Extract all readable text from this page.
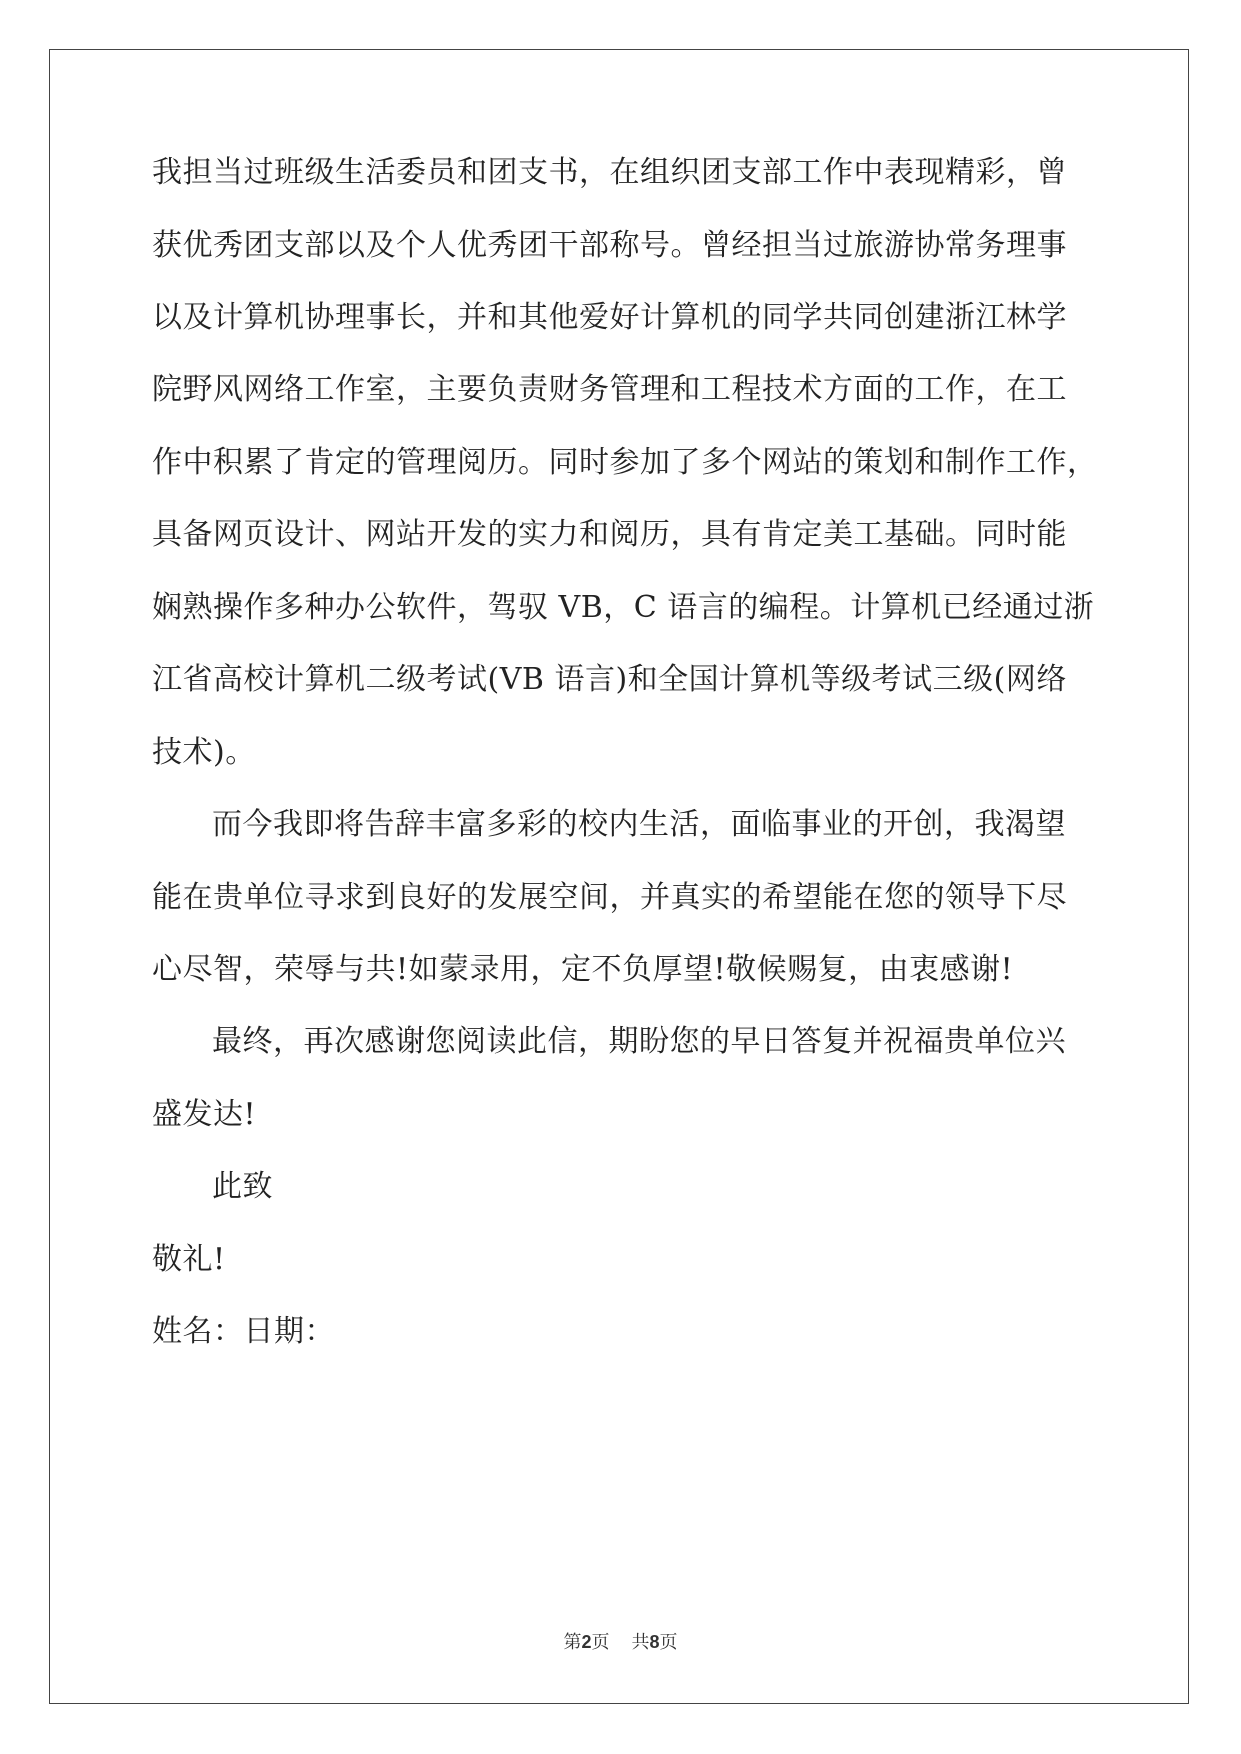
我担当过班级生活委员和团支书，在组织团支部工作中表现精彩，曾
获优秀团支部以及个人优秀团干部称号。曾经担当过旅游协常务理事
以及计算机协理事长，并和其他爱好计算机的同学共同创建浙江林学
院野风网络工作室，主要负责财务管理和工程技术方面的工作，在工
作中积累了肯定的管理阅历。同时参加了多个网站的策划和制作工作，
具备网页设计、网站开发的实力和阅历，具有肯定美工基础。同时能
娴熟操作多种办公软件，驾驭 VB，C 语言的编程。计算机已经通过浙
江省高校计算机二级考试(VB 语言)和全国计算机等级考试三级(网络
技术)。
而今我即将告辞丰富多彩的校内生活，面临事业的开创，我渴望
能在贵单位寻求到良好的发展空间，并真实的希望能在您的领导下尽
心尽智，荣辱与共!如蒙录用，定不负厚望!敬候赐复，由衷感谢!
最终，再次感谢您阅读此信，期盼您的早日答复并祝福贵单位兴
盛发达!
此致
敬礼!
姓名：日期：
第2页 共8页
